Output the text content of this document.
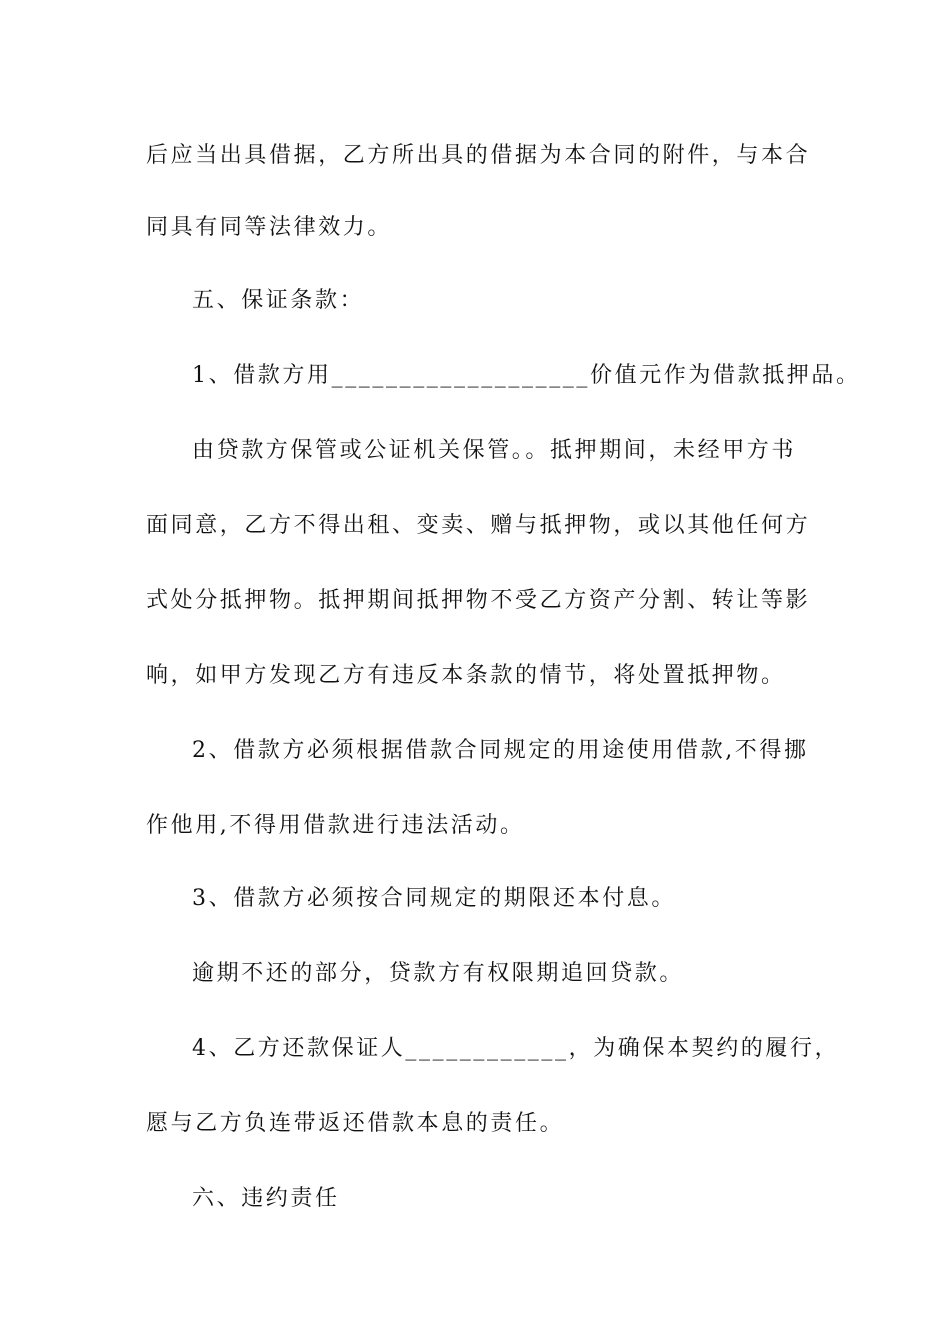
后应当出具借据，乙方所出具的借据为本合同的附件，与本合

同具有同等法律效力。

五、保证条款：

1、借款方用___________________价值元作为借款抵押品。

由贷款方保管或公证机关保管。。抵押期间，未经甲方书

面同意，乙方不得出租、变卖、赠与抵押物，或以其他任何方

式处分抵押物。抵押期间抵押物不受乙方资产分割、转让等影

响，如甲方发现乙方有违反本条款的情节，将处置抵押物。

2、借款方必须根据借款合同规定的用途使用借款,不得挪

作他用,不得用借款进行违法活动。

3、借款方必须按合同规定的期限还本付息。

逾期不还的部分，贷款方有权限期追回贷款。

4、乙方还款保证人____________，为确保本契约的履行，

愿与乙方负连带返还借款本息的责任。

六、违约责任
